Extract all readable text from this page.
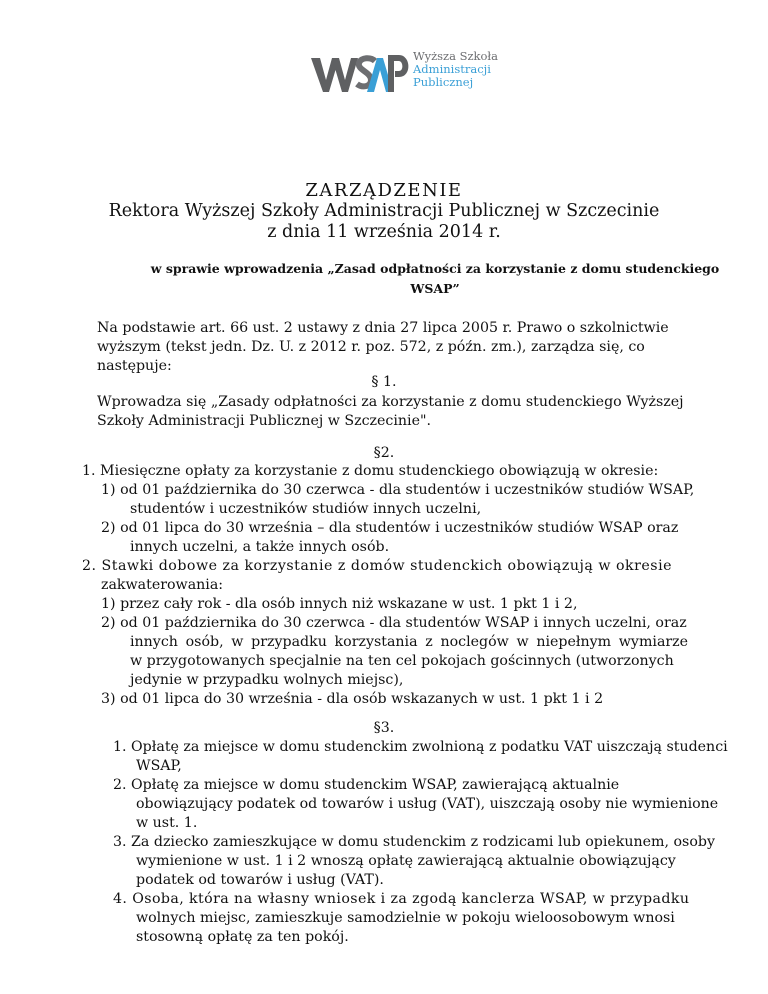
Wyższa Szkoła
Administracji
Publicznej
ZARZĄDZENIE
Rektora Wyższej Szkoły Administracji Publicznej w Szczecinie
z dnia 11 września 2014 r.
w sprawie wprowadzenia „Zasad odpłatności za korzystanie z domu studenckiego
WSAP”
Na podstawie art. 66 ust. 2 ustawy z dnia 27 lipca 2005 r. Prawo o szkolnictwie
wyższym (tekst jedn. Dz. U. z 2012 r. poz. 572, z późn. zm.), zarządza się, co następuje:
§ 1.
Wprowadza się „Zasady odpłatności za korzystanie z domu studenckiego Wyższej
Szkoły Administracji Publicznej w Szczecinie".
§2.
1. Miesięczne opłaty za korzystanie z domu studenckiego obowiązują w okresie:
1) od 01 października do 30 czerwca - dla studentów i uczestników studiów WSAP,
studentów i uczestników studiów innych uczelni,
2) od 01 lipca do 30 września – dla studentów i uczestników studiów WSAP oraz
innych uczelni, a także innych osób.
2. Stawki dobowe za korzystanie z domów studenckich obowiązują w okresie
zakwaterowania:
1) przez cały rok - dla osób innych niż wskazane w ust. 1 pkt 1 i 2,
2) od 01 października do 30 czerwca - dla studentów WSAP i innych uczelni, oraz
innych osób, w przypadku korzystania z noclegów w niepełnym wymiarze
w przygotowanych specjalnie na ten cel pokojach gościnnych (utworzonych
jedynie w przypadku wolnych miejsc),
3) od 01 lipca do 30 września - dla osób wskazanych w ust. 1 pkt 1 i 2
§3.
1. Opłatę za miejsce w domu studenckim zwolnioną z podatku VAT uiszczają studenci
WSAP,
2. Opłatę za miejsce w domu studenckim WSAP, zawierającą aktualnie
obowiązujący podatek od towarów i usług (VAT), uiszczają osoby nie wymienione
w ust. 1.
3. Za dziecko zamieszkujące w domu studenckim z rodzicami lub opiekunem, osoby
wymienione w ust. 1 i 2 wnoszą opłatę zawierającą aktualnie obowiązujący
podatek od towarów i usług (VAT).
4. Osoba, która na własny wniosek i za zgodą kanclerza WSAP, w przypadku
wolnych miejsc, zamieszkuje samodzielnie w pokoju wieloosobowym wnosi
stosowną opłatę za ten pokój.
